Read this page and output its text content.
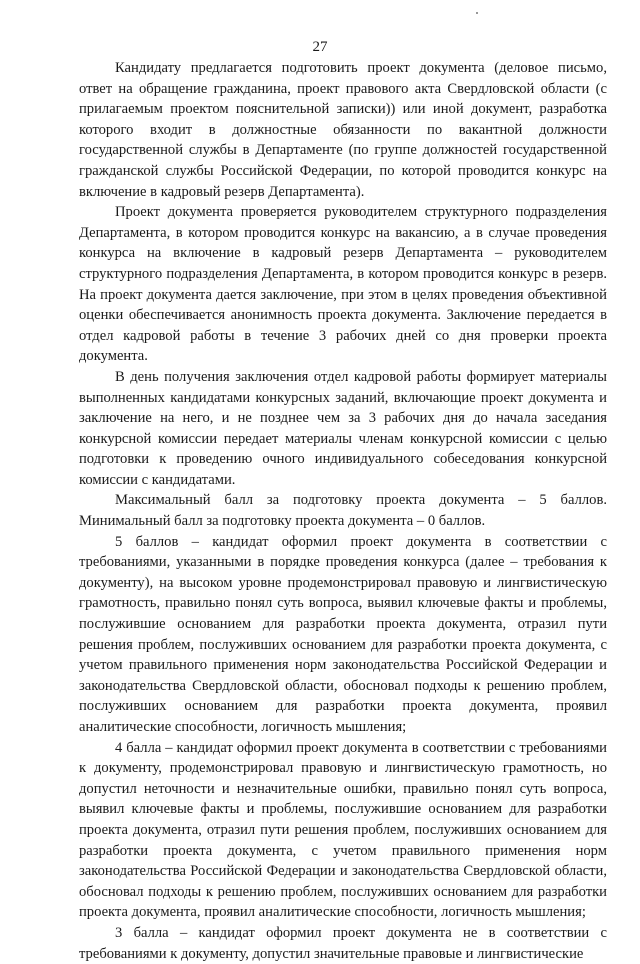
27

Кандидату предлагается подготовить проект документа (деловое письмо, ответ на обращение гражданина, проект правового акта Свердловской области (с прилагаемым проектом пояснительной записки)) или иной документ, разработка которого входит в должностные обязанности по вакантной должности государственной службы в Департаменте (по группе должностей государственной гражданской службы Российской Федерации, по которой проводится конкурс на включение в кадровый резерв Департамента).

Проект документа проверяется руководителем структурного подразделения Департамента, в котором проводится конкурс на вакансию, а в случае проведения конкурса на включение в кадровый резерв Департамента – руководителем структурного подразделения Департамента, в котором проводится конкурс в резерв. На проект документа дается заключение, при этом в целях проведения объективной оценки обеспечивается анонимность проекта документа. Заключение передается в отдел кадровой работы в течение 3 рабочих дней со дня проверки проекта документа.

В день получения заключения отдел кадровой работы формирует материалы выполненных кандидатами конкурсных заданий, включающие проект документа и заключение на него, и не позднее чем за 3 рабочих дня до начала заседания конкурсной комиссии передает материалы членам конкурсной комиссии с целью подготовки к проведению очного индивидуального собеседования конкурсной комиссии с кандидатами.

Максимальный балл за подготовку проекта документа – 5 баллов. Минимальный балл за подготовку проекта документа – 0 баллов.

5 баллов – кандидат оформил проект документа в соответствии с требованиями, указанными в порядке проведения конкурса (далее – требования к документу), на высоком уровне продемонстрировал правовую и лингвистическую грамотность, правильно понял суть вопроса, выявил ключевые факты и проблемы, послужившие основанием для разработки проекта документа, отразил пути решения проблем, послуживших основанием для разработки проекта документа, с учетом правильного применения норм законодательства Российской Федерации и законодательства Свердловской области, обосновал подходы к решению проблем, послуживших основанием для разработки проекта документа, проявил аналитические способности, логичность мышления;

4 балла – кандидат оформил проект документа в соответствии с требованиями к документу, продемонстрировал правовую и лингвистическую грамотность, но допустил неточности и незначительные ошибки, правильно понял суть вопроса, выявил ключевые факты и проблемы, послужившие основанием для разработки проекта документа, отразил пути решения проблем, послуживших основанием для разработки проекта документа, с учетом правильного применения норм законодательства Российской Федерации и законодательства Свердловской области, обосновал подходы к решению проблем, послуживших основанием для разработки проекта документа, проявил аналитические способности, логичность мышления;

3 балла – кандидат оформил проект документа не в соответствии с требованиями к документу, допустил значительные правовые и лингвистические
